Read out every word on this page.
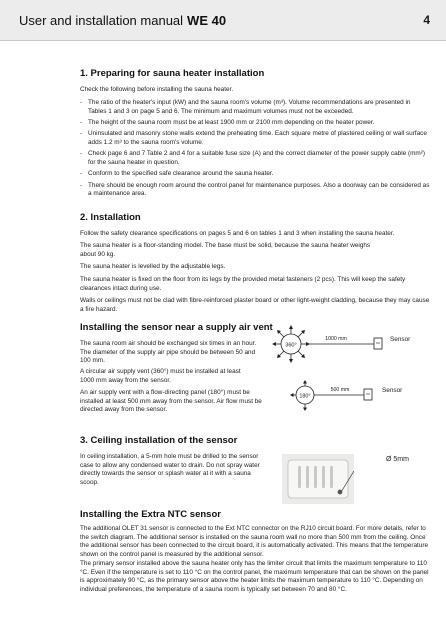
User and installation manual WE 40	4
1. Preparing for sauna heater installation
Check the following before installing the sauna heater.
- The ratio of the heater's input (kW) and the sauna room's volume (m³). Volume recommendations are presented in Tables 1 and 3 on page 5 and 6. The minimum and maximum volumes must not be exceeded.
- The height of the sauna room must be at least 1900 mm or 2100 mm depending on the heater power.
- Uninsulated and masonry stone walls extend the preheating time. Each square metre of plastered ceiling or wall surface adds 1.2 m³ to the sauna room's volume.
- Check page 6 and 7 Table 2 and 4 for a suitable fuse size (A) and the correct diameter of the power supply cable (mm²) for the sauna heater in question.
- Conform to the specified safe clearance around the sauna heater.
- There should be enough room around the control panel for maintenance purposes. Also a doorway can be considered as a maintenance area.
2. Installation
Follow the safety clearance specifications on pages 5 and 6 on tables 1 and 3 when installing the sauna heater.
The sauna heater is a floor-standing model. The base must be solid, because the sauna heater weighs about 90 kg.
The sauna heater is levelled by the adjustable legs.
The sauna heater is fixed on the floor from its legs by the provided metal fasteners (2 pcs). This will keep the safety clearances intact during use.
Walls or ceilings must not be clad with fibre-reinforced plaster board or other light-weight cladding, because they may cause a fire hazard.
Installing the sensor near a supply air vent
The sauna room air should be exchanged six times in an hour. The diameter of the supply air pipe should be between 50 and 100 mm.
A circular air supply vent (360°) must be installed at least 1000 mm away from the sensor.
An air supply vent with a flow-directing panel (180°) must be installed at least 500 mm away from the sensor. Air flow must be directed away from the sensor.
360°
1000 mm	Sensor
180°
500 mm	Sensor
3. Ceiling installation of the sensor
In ceiling installation, a 5-mm hole must be drilled to the sensor case to allow any condensed water to drain. Do not spray water directly towards the sensor or splash water at it with a sauna scoop.
Ø 5mm
Installing the Extra NTC sensor
The additional OLET 31 sensor is connected to the Ext NTC connector on the RJ10 circuit board. For more details, refer to the switch diagram. The additional sensor is installed on the sauna room wall no more than 500 mm from the ceiling. Once the additional sensor has been connected to the circuit board, it is automatically activated. This means that the temperature shown on the control panel is measured by the additional sensor.
The primary sensor installed above the sauna heater only has the limiter circuit that limits the maximum temperature to 110 °C. Even if the temperature is set to 110 °C on the control panel, the maximum temperature that can be shown on the panel is approximately 90 °C, as the primary sensor above the heater limits the maximum temperature to 110 °C. Depending on individual preferences, the temperature of a sauna room is typically set between 70 and 80 °C.
